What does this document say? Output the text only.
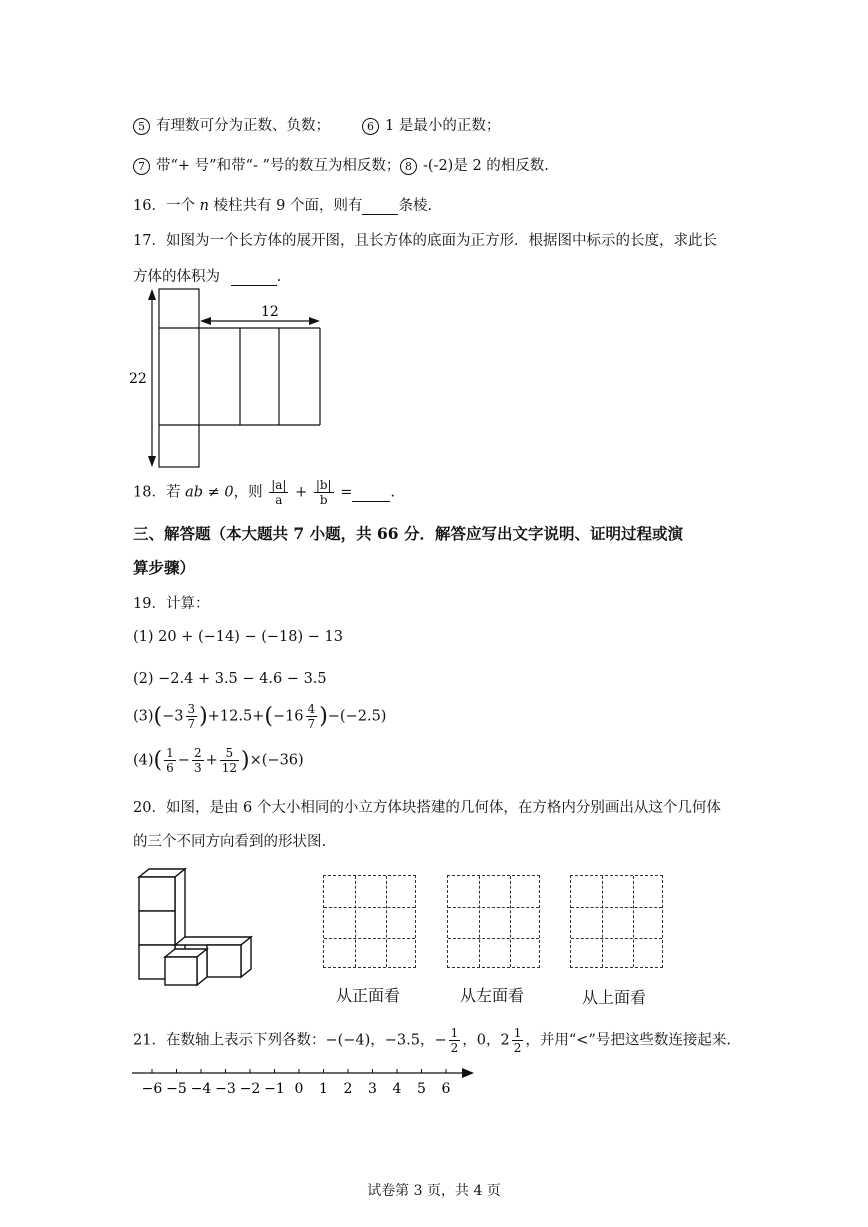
5 有理数可分为正数、负数；	6 1 是最小的正数；
7 带“+ 号”和带“- ”号的数互为相反数； 8 -(-2)是 2 的相反数.
16．一个 n 棱柱共有 9 个面，则有 条棱.
17．如图为一个长方体的展开图，且长方体的底面为正方形．根据图中标示的长度，求此长
方体的体积为	.
12
22
18．若 ab ≠ 0，则 $\frac{|a|}{a} + \frac{|b|}{b}$ =	.
三、解答题（本大题共 7 小题，共 66 分．解答应写出文字说明、证明过程或演
算步骤）
19．计算：
(1) 20 + (−14) − (−18) − 13
(2) −2.4 + 3.5 − 4.6 − 3.5
$(3)(-3 \frac{3}{7} )+12.5+(-16 \frac{4}{7} )-(-2.5)$
$(4)( \frac{1}{6} - \frac{2}{3} + \frac{5}{12} )\times(-36)$
20．如图，是由 6 个大小相同的小立方体块搭建的几何体，在方格内分别画出从这个几何体
的三个不同方向看到的形状图.
从正面看	从左面看	从上面看
21．在数轴上表示下列各数：−(−4)，−3.5，− $\frac{1}{2}$ ，0，$2 \frac{1}{2}$ ，并用“<”号把这些数连接起来.
−6 −5 −4 −3 −2 −1 0 1 2 3 4 5 6
试卷第 3 页，共 4 页
